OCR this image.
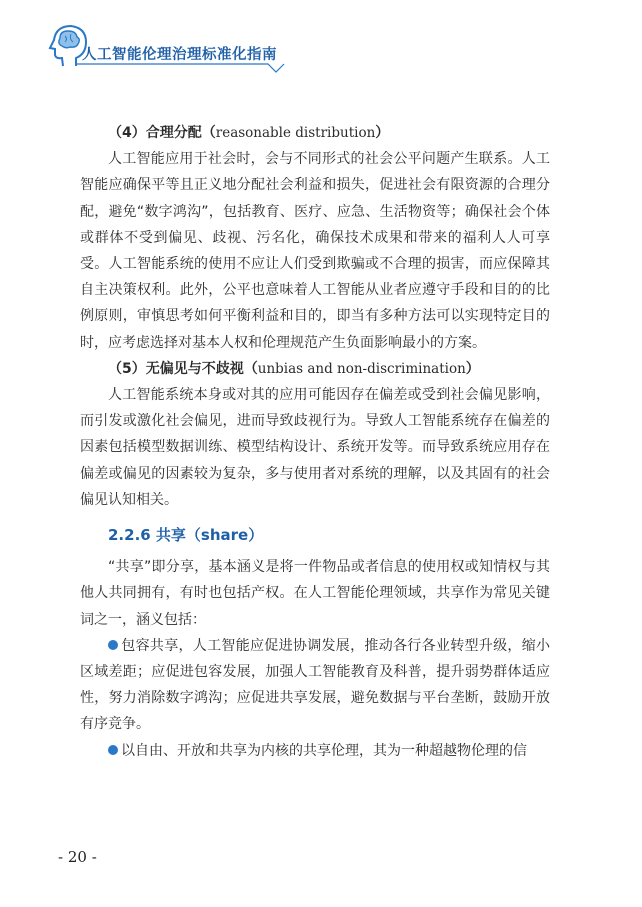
人工智能伦理治理标准化指南

（4）合理分配（reasonable distribution）

人工智能应用于社会时，会与不同形式的社会公平问题产生联系。人工智能应确保平等且正义地分配社会利益和损失，促进社会有限资源的合理分配，避免“数字鸿沟”，包括教育、医疗、应急、生活物资等；确保社会个体或群体不受到偏见、歧视、污名化，确保技术成果和带来的福利人人可享受。人工智能系统的使用不应让人们受到欺骗或不合理的损害，而应保障其自主决策权利。此外，公平也意味着人工智能从业者应遵守手段和目的的比例原则，审慎思考如何平衡利益和目的，即当有多种方法可以实现特定目的时，应考虑选择对基本人权和伦理规范产生负面影响最小的方案。

（5）无偏见与不歧视（unbias and non-discrimination）

人工智能系统本身或对其的应用可能因存在偏差或受到社会偏见影响，而引发或激化社会偏见，进而导致歧视行为。导致人工智能系统存在偏差的因素包括模型数据训练、模型结构设计、系统开发等。而导致系统应用存在偏差或偏见的因素较为复杂，多与使用者对系统的理解，以及其固有的社会偏见认知相关。

2.2.6 共享（share）

“共享”即分享，基本涵义是将一件物品或者信息的使用权或知情权与其他人共同拥有，有时也包括产权。在人工智能伦理领域，共享作为常见关键词之一，涵义包括：

包容共享，人工智能应促进协调发展，推动各行各业转型升级，缩小区域差距；应促进包容发展，加强人工智能教育及科普，提升弱势群体适应性，努力消除数字鸿沟；应促进共享发展，避免数据与平台垄断，鼓励开放有序竞争。

以自由、开放和共享为内核的共享伦理，其为一种超越物伦理的信

- 20 -
